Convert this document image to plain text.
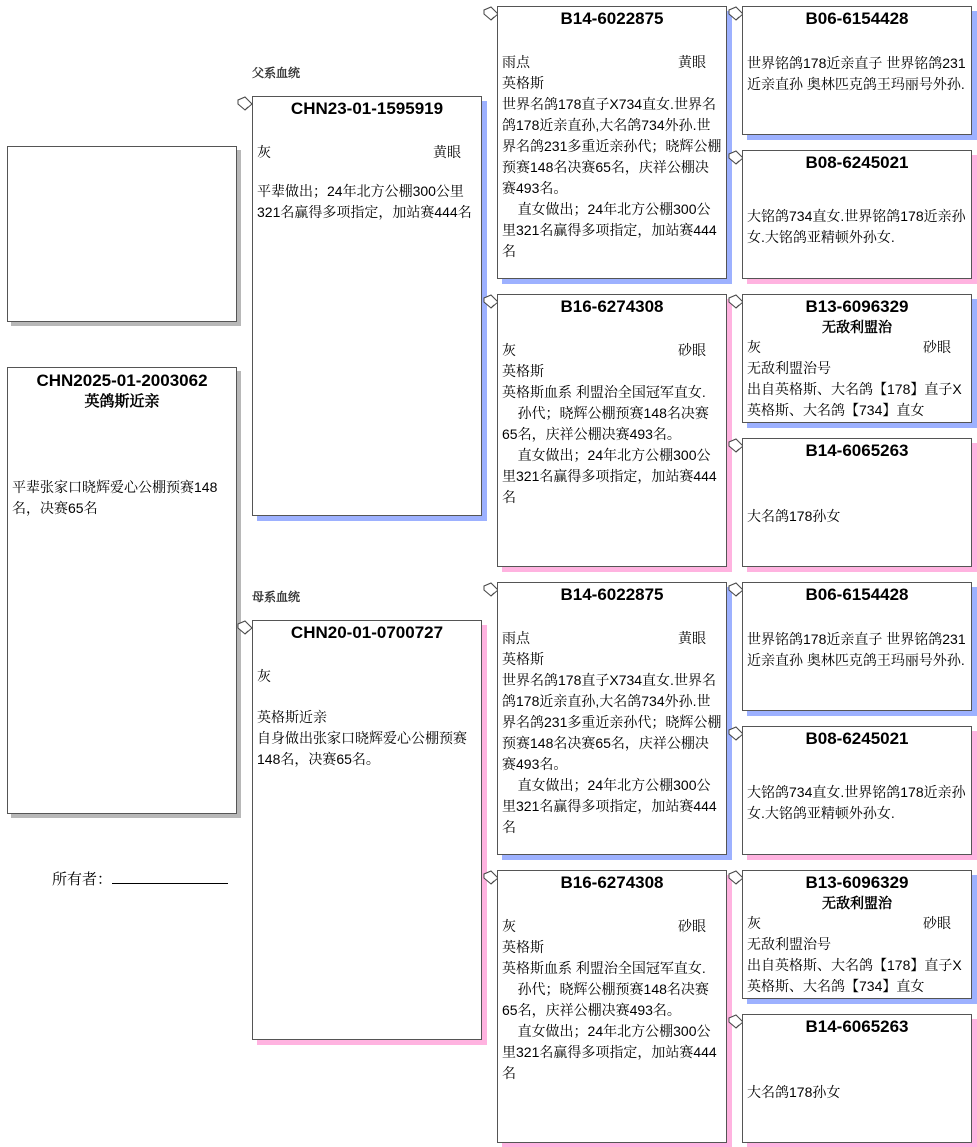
CHN2025-01-2003062
英鸽斯近亲
平辈张家口晓辉爱心公棚预赛148名，决赛65名
所有者：
父系血统
母系血统
CHN23-01-1595919
灰	黄眼
平辈做出；24年北方公棚300公里321名赢得多项指定，加站赛444名
CHN20-01-0700727
灰
英格斯近亲
自身做出张家口晓辉爱心公棚预赛148名，决赛65名。
B14-6022875
雨点	黄眼
英格斯
世界名鸽178直子X734直女.世界名鸽178近亲直孙,大名鸽734外孙.世界名鸽231多重近亲孙代；晓辉公棚预赛148名决赛65名，庆祥公棚决赛493名。
直女做出；24年北方公棚300公里321名赢得多项指定，加站赛444名
B16-6274308
灰	砂眼
英格斯
英格斯血系 利盟治全国冠军直女.
孙代；晓辉公棚预赛148名决赛65名，庆祥公棚决赛493名。
直女做出；24年北方公棚300公里321名赢得多项指定，加站赛444名
B14-6022875
雨点	黄眼
英格斯
世界名鸽178直子X734直女.世界名鸽178近亲直孙,大名鸽734外孙.世界名鸽231多重近亲孙代；晓辉公棚预赛148名决赛65名，庆祥公棚决赛493名。
直女做出；24年北方公棚300公里321名赢得多项指定，加站赛444名
B16-6274308
灰	砂眼
英格斯
英格斯血系 利盟治全国冠军直女.
孙代；晓辉公棚预赛148名决赛65名，庆祥公棚决赛493名。
直女做出；24年北方公棚300公里321名赢得多项指定，加站赛444名
B06-6154428
世界铭鸽178近亲直子 世界铭鸽231近亲直孙 奥林匹克鸽王玛丽号外孙.
B08-6245021
大铭鸽734直女.世界铭鸽178近亲孙女.大铭鸽亚精顿外孙女.
B13-6096329
无敌利盟治
灰	砂眼
无敌利盟治号
出自英格斯、大名鸽【178】直子X英格斯、大名鸽【734】直女
B14-6065263
大名鸽178孙女
B06-6154428
世界铭鸽178近亲直子 世界铭鸽231近亲直孙 奥林匹克鸽王玛丽号外孙.
B08-6245021
大铭鸽734直女.世界铭鸽178近亲孙女.大铭鸽亚精顿外孙女.
B13-6096329
无敌利盟治
灰	砂眼
无敌利盟治号
出自英格斯、大名鸽【178】直子X英格斯、大名鸽【734】直女
B14-6065263
大名鸽178孙女
